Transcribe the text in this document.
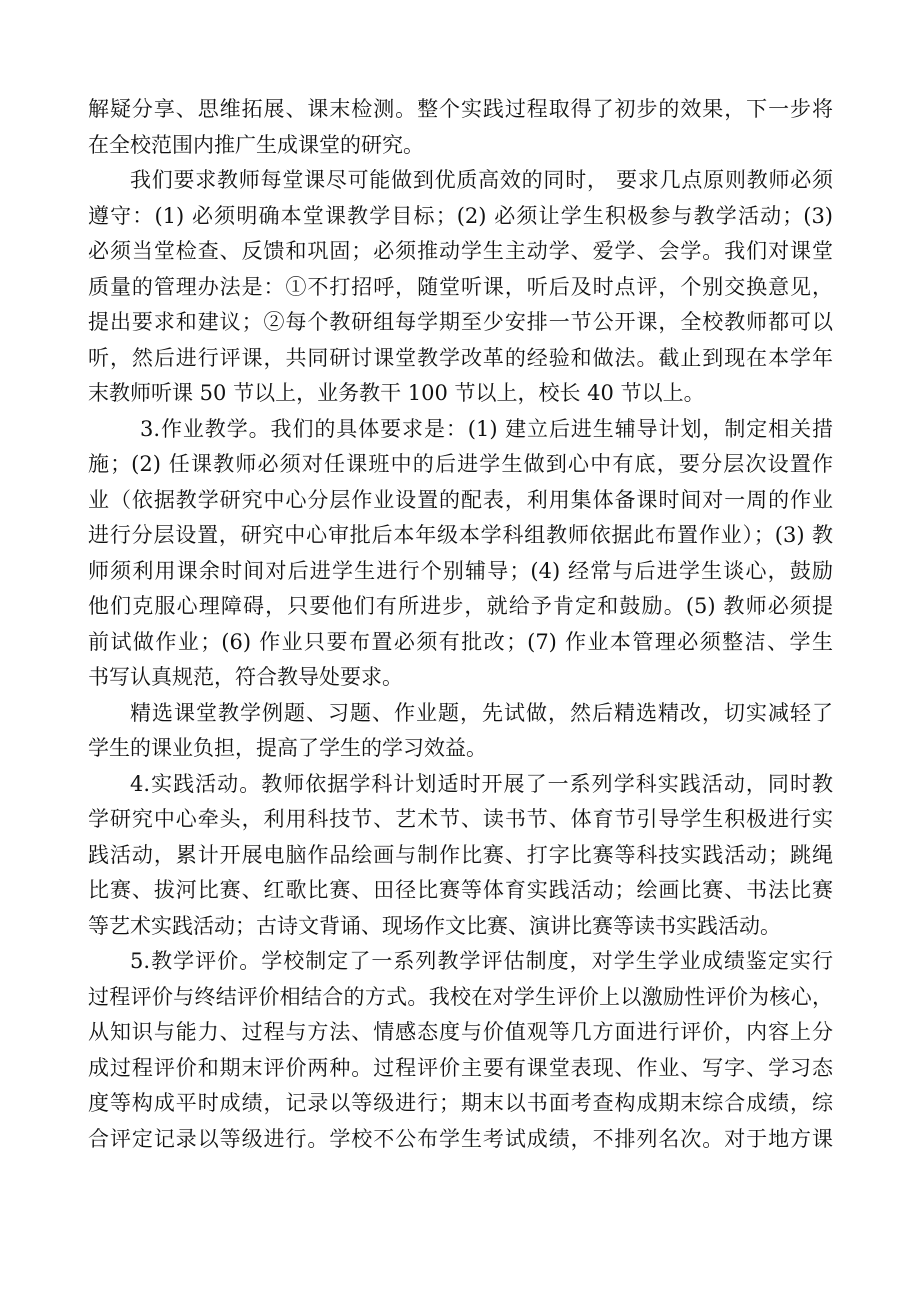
解疑分享、思维拓展、课末检测。整个实践过程取得了初步的效果，下一步将
在全校范围内推广生成课堂的研究。
我们要求教师每堂课尽可能做到优质高效的同时， 要求几点原则教师必须
遵守：(1) 必须明确本堂课教学目标；(2) 必须让学生积极参与教学活动；(3)
必须当堂检查、反馈和巩固；必须推动学生主动学、爱学、会学。我们对课堂
质量的管理办法是：①不打招呼，随堂听课，听后及时点评，个别交换意见，
提出要求和建议；②每个教研组每学期至少安排一节公开课，全校教师都可以
听，然后进行评课，共同研讨课堂教学改革的经验和做法。截止到现在本学年
末教师听课 50 节以上，业务教干 100 节以上，校长 40 节以上。
3.作业教学。我们的具体要求是：(1) 建立后进生辅导计划，制定相关措
施；(2) 任课教师必须对任课班中的后进学生做到心中有底，要分层次设置作
业（依据教学研究中心分层作业设置的配表，利用集体备课时间对一周的作业
进行分层设置，研究中心审批后本年级本学科组教师依据此布置作业）；(3) 教
师须利用课余时间对后进学生进行个别辅导；(4) 经常与后进学生谈心，鼓励
他们克服心理障碍，只要他们有所进步，就给予肯定和鼓励。(5) 教师必须提
前试做作业；(6) 作业只要布置必须有批改；(7) 作业本管理必须整洁、学生
书写认真规范，符合教导处要求。
精选课堂教学例题、习题、作业题，先试做，然后精选精改，切实减轻了
学生的课业负担，提高了学生的学习效益。
4.实践活动。教师依据学科计划适时开展了一系列学科实践活动，同时教
学研究中心牵头，利用科技节、艺术节、读书节、体育节引导学生积极进行实
践活动，累计开展电脑作品绘画与制作比赛、打字比赛等科技实践活动；跳绳
比赛、拔河比赛、红歌比赛、田径比赛等体育实践活动；绘画比赛、书法比赛
等艺术实践活动；古诗文背诵、现场作文比赛、演讲比赛等读书实践活动。
5.教学评价。学校制定了一系列教学评估制度，对学生学业成绩鉴定实行
过程评价与终结评价相结合的方式。我校在对学生评价上以激励性评价为核心，
从知识与能力、过程与方法、情感态度与价值观等几方面进行评价，内容上分
成过程评价和期末评价两种。过程评价主要有课堂表现、作业、写字、学习态
度等构成平时成绩，记录以等级进行；期末以书面考查构成期末综合成绩，综
合评定记录以等级进行。学校不公布学生考试成绩，不排列名次。对于地方课
